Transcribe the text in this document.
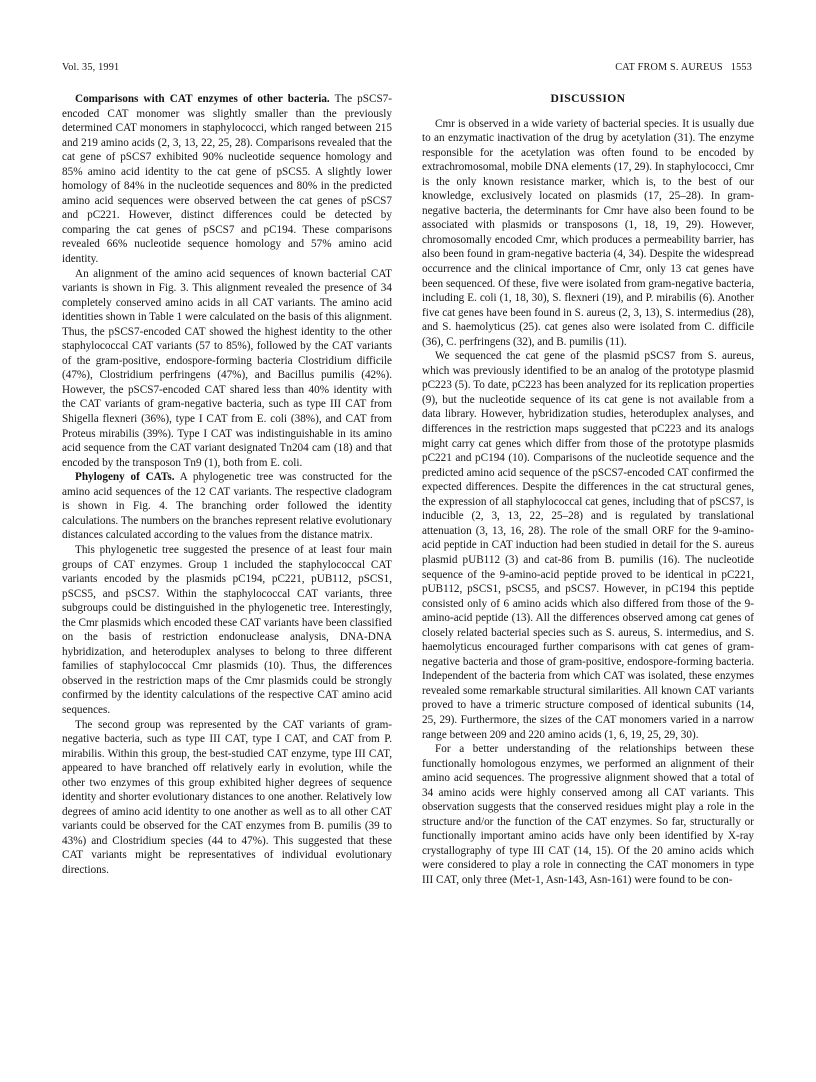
Vol. 35, 1991	CAT FROM S. AUREUS 1553

Comparisons with CAT enzymes of other bacteria. The pSCS7-encoded CAT monomer was slightly smaller than the previously determined CAT monomers in staphylococci, which ranged between 215 and 219 amino acids (2, 3, 13, 22, 25, 28). Comparisons revealed that the cat gene of pSCS7 exhibited 90% nucleotide sequence homology and 85% amino acid identity to the cat gene of pSCS5. A slightly lower homology of 84% in the nucleotide sequences and 80% in the predicted amino acid sequences were observed between the cat genes of pSCS7 and pC221. However, distinct differences could be detected by comparing the cat genes of pSCS7 and pC194. These comparisons revealed 66% nucleotide sequence homology and 57% amino acid identity.

An alignment of the amino acid sequences of known bacterial CAT variants is shown in Fig. 3. This alignment revealed the presence of 34 completely conserved amino acids in all CAT variants. The amino acid identities shown in Table 1 were calculated on the basis of this alignment. Thus, the pSCS7-encoded CAT showed the highest identity to the other staphylococcal CAT variants (57 to 85%), followed by the CAT variants of the gram-positive, endospore-forming bacteria Clostridium difficile (47%), Clostridium perfringens (47%), and Bacillus pumilis (42%). However, the pSCS7-encoded CAT shared less than 40% identity with the CAT variants of gram-negative bacteria, such as type III CAT from Shigella flexneri (36%), type I CAT from E. coli (38%), and CAT from Proteus mirabilis (39%). Type I CAT was indistinguishable in its amino acid sequence from the CAT variant designated Tn204 cam (18) and that encoded by the transposon Tn9 (1), both from E. coli.

Phylogeny of CATs. A phylogenetic tree was constructed for the amino acid sequences of the 12 CAT variants. The respective cladogram is shown in Fig. 4. The branching order followed the identity calculations. The numbers on the branches represent relative evolutionary distances calculated according to the values from the distance matrix.

This phylogenetic tree suggested the presence of at least four main groups of CAT enzymes. Group 1 included the staphylococcal CAT variants encoded by the plasmids pC194, pC221, pUB112, pSCS1, pSCS5, and pSCS7. Within the staphylococcal CAT variants, three subgroups could be distinguished in the phylogenetic tree. Interestingly, the Cmr plasmids which encoded these CAT variants have been classified on the basis of restriction endonuclease analysis, DNA-DNA hybridization, and heteroduplex analyses to belong to three different families of staphylococcal Cmr plasmids (10). Thus, the differences observed in the restriction maps of the Cmr plasmids could be strongly confirmed by the identity calculations of the respective CAT amino acid sequences.

The second group was represented by the CAT variants of gram-negative bacteria, such as type III CAT, type I CAT, and CAT from P. mirabilis. Within this group, the best-studied CAT enzyme, type III CAT, appeared to have branched off relatively early in evolution, while the other two enzymes of this group exhibited higher degrees of sequence identity and shorter evolutionary distances to one another. Relatively low degrees of amino acid identity to one another as well as to all other CAT variants could be observed for the CAT enzymes from B. pumilis (39 to 43%) and Clostridium species (44 to 47%). This suggested that these CAT variants might be representatives of individual evolutionary directions.

DISCUSSION

Cmr is observed in a wide variety of bacterial species. It is usually due to an enzymatic inactivation of the drug by acetylation (31). The enzyme responsible for the acetylation was often found to be encoded by extrachromosomal, mobile DNA elements (17, 29). In staphylococci, Cmr is the only known resistance marker, which is, to the best of our knowledge, exclusively located on plasmids (17, 25–28). In gram-negative bacteria, the determinants for Cmr have also been found to be associated with plasmids or transposons (1, 18, 19, 29). However, chromosomally encoded Cmr, which produces a permeability barrier, has also been found in gram-negative bacteria (4, 34). Despite the widespread occurrence and the clinical importance of Cmr, only 13 cat genes have been sequenced. Of these, five were isolated from gram-negative bacteria, including E. coli (1, 18, 30), S. flexneri (19), and P. mirabilis (6). Another five cat genes have been found in S. aureus (2, 3, 13), S. intermedius (28), and S. haemolyticus (25). cat genes also were isolated from C. difficile (36), C. perfringens (32), and B. pumilis (11).

We sequenced the cat gene of the plasmid pSCS7 from S. aureus, which was previously identified to be an analog of the prototype plasmid pC223 (5). To date, pC223 has been analyzed for its replication properties (9), but the nucleotide sequence of its cat gene is not available from a data library. However, hybridization studies, heteroduplex analyses, and differences in the restriction maps suggested that pC223 and its analogs might carry cat genes which differ from those of the prototype plasmids pC221 and pC194 (10). Comparisons of the nucleotide sequence and the predicted amino acid sequence of the pSCS7-encoded CAT confirmed the expected differences. Despite the differences in the cat structural genes, the expression of all staphylococcal cat genes, including that of pSCS7, is inducible (2, 3, 13, 22, 25–28) and is regulated by translational attenuation (3, 13, 16, 28). The role of the small ORF for the 9-amino-acid peptide in CAT induction had been studied in detail for the S. aureus plasmid pUB112 (3) and cat-86 from B. pumilis (16). The nucleotide sequence of the 9-amino-acid peptide proved to be identical in pC221, pUB112, pSCS1, pSCS5, and pSCS7. However, in pC194 this peptide consisted only of 6 amino acids which also differed from those of the 9-amino-acid peptide (13). All the differences observed among cat genes of closely related bacterial species such as S. aureus, S. intermedius, and S. haemolyticus encouraged further comparisons with cat genes of gram-negative bacteria and those of gram-positive, endospore-forming bacteria. Independent of the bacteria from which CAT was isolated, these enzymes revealed some remarkable structural similarities. All known CAT variants proved to have a trimeric structure composed of identical subunits (14, 25, 29). Furthermore, the sizes of the CAT monomers varied in a narrow range between 209 and 220 amino acids (1, 6, 19, 25, 29, 30).

For a better understanding of the relationships between these functionally homologous enzymes, we performed an alignment of their amino acid sequences. The progressive alignment showed that a total of 34 amino acids were highly conserved among all CAT variants. This observation suggests that the conserved residues might play a role in the structure and/or the function of the CAT enzymes. So far, structurally or functionally important amino acids have only been identified by X-ray crystallography of type III CAT (14, 15). Of the 20 amino acids which were considered to play a role in connecting the CAT monomers in type III CAT, only three (Met-1, Asn-143, Asn-161) were found to be con-
